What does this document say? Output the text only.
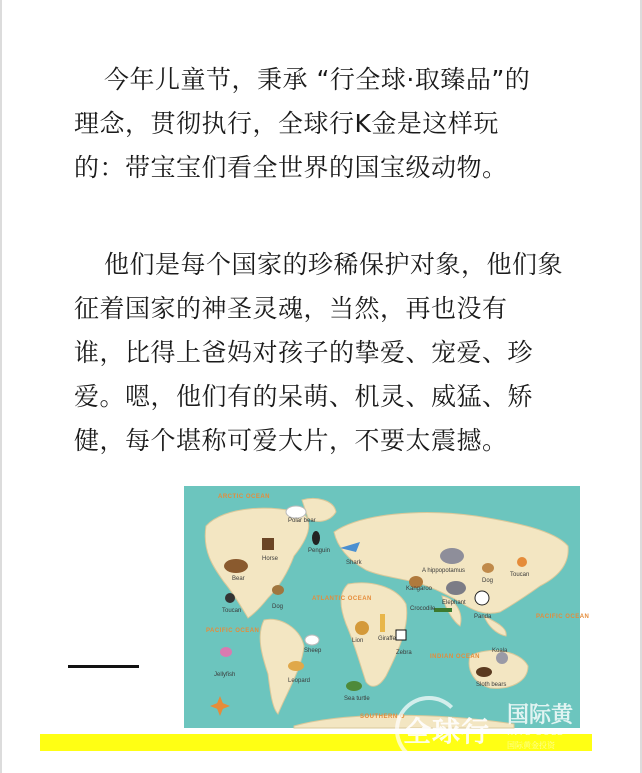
今年儿童节，秉承 “行全球·取臻品”的
理念，贯彻执行，全球行K金是这样玩
的：带宝宝们看全世界的国宝级动物。

他们是每个国家的珍稀保护对象，他们象
征着国家的神圣灵魂，当然，再也没有
谁，比得上爸妈对孩子的挚爱、宠爱、珍
爱。嗯，他们有的呆萌、机灵、威猛、矫
健，每个堪称可爱大片，不要太震撼。

ARCTIC OCEAN
ATLANTIC OCEAN
PACIFIC OCEAN
PACIFIC OCEAN
INDIAN OCEAN
SOUTHERN O
Polar bear
Penguin
Shark
Bear
Horse
Toucan
Dog
A hippopotamus
Kangaroo
Elephant
Crocodile
Panda
Dog
Toucan
Lion Giraffe
Zebra
Sheep
Leopard
Jellyfish
Sea turtle
Koala
Sloth bears
全球行 国际黄
INTL GOLD
国际黄金投资
